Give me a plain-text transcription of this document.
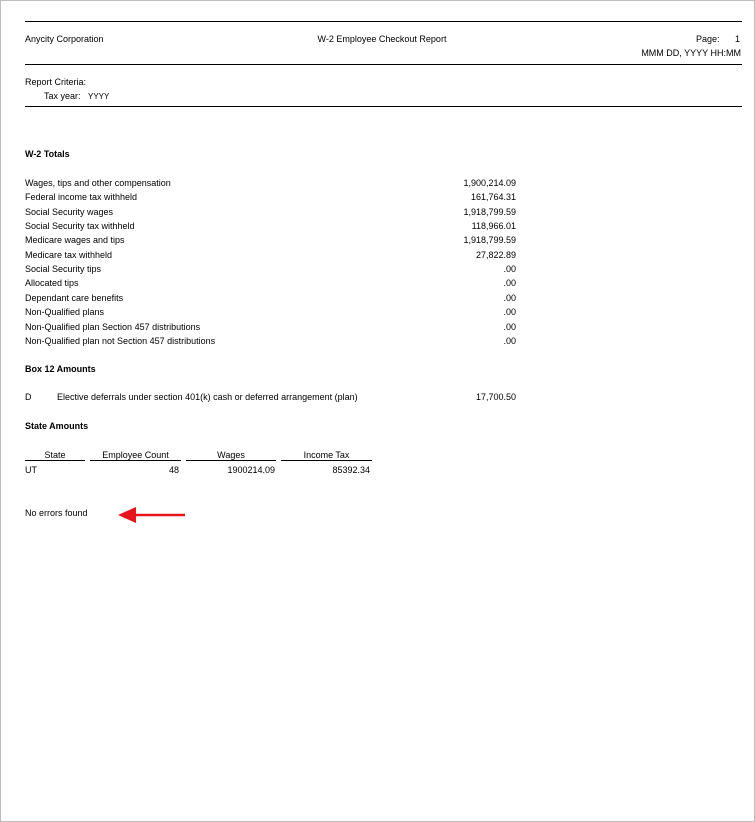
Anycity Corporation	W-2 Employee Checkout Report	Page:	1
MMM DD, YYYY HH:MM
Report Criteria:
Tax year: YYYY
W-2 Totals
Wages, tips and other compensation	1,900,214.09
Federal income tax withheld	161,764.31
Social Security wages	1,918,799.59
Social Security tax withheld	118,966.01
Medicare wages and tips	1,918,799.59
Medicare tax withheld	27,822.89
Social Security tips	.00
Allocated tips	.00
Dependant care benefits	.00
Non-Qualified plans	.00
Non-Qualified plan Section 457 distributions	.00
Non-Qualified plan not Section 457 distributions	.00
Box 12 Amounts
D	Elective deferrals under section 401(k) cash or deferred arrangement (plan)	17,700.50
State Amounts
State	Employee Count	Wages	Income Tax
UT	48	1900214.09	85392.34
No errors found
